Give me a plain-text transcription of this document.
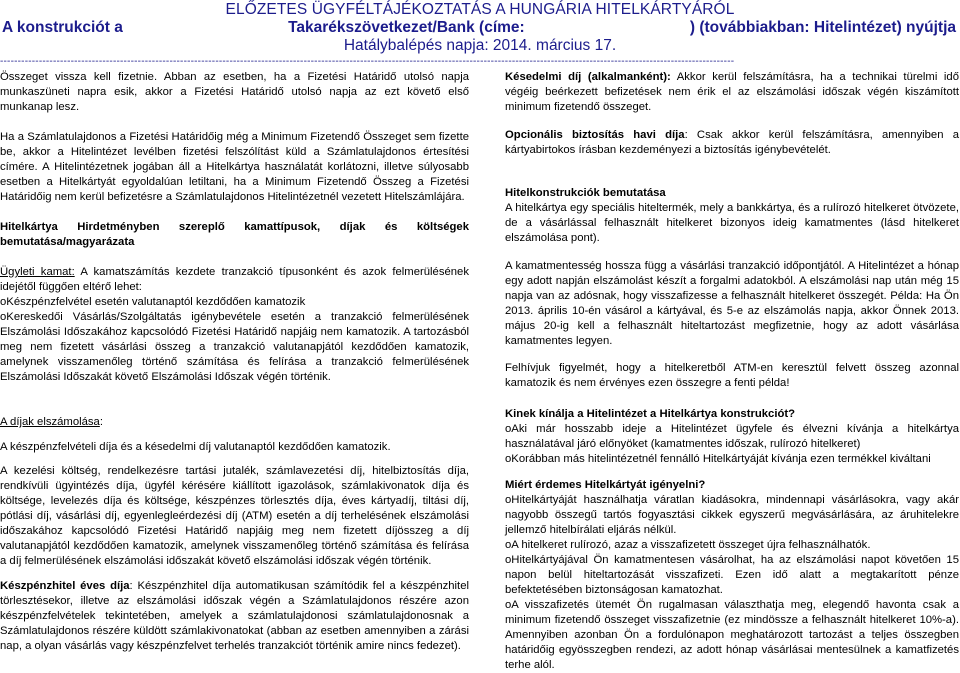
ELŐZETES ÜGYFÉLTÁJÉKOZTATÁS A HUNGÁRIA HITELKÁRTYÁRÓL
A konstrukciót a	Takarékszövetkezet/Bank (címe:	) (továbbiakban: Hitelintézet) nyújtja
Hatálybalépés napja: 2014. március 17.
----------------------------------------------------------------------------------------------------------------------------------------------------------------------------------------------------------------

Összeget vissza kell fizetnie. Abban az esetben, ha a Fizetési Határidő utolsó napja munkaszüneti napra esik, akkor a Fizetési Határidő utolsó napja az ezt követő első munkanap lesz.

Ha a Számlatulajdonos a Fizetési Határidőig még a Minimum Fizetendő Összeget sem fizette be, akkor a Hitelintézet levélben fizetési felszólítást küld a Számlatulajdonos értesítési címére. A Hitelintézetnek jogában áll a Hitelkártya használatát korlátozni, illetve súlyosabb esetben a Hitelkártyát egyoldalúan letiltani, ha a Minimum Fizetendő Összeg a Fizetési Határidőig nem kerül befizetésre a Számlatulajdonos Hitelintézetnél vezetett Hitelszámlájára.

Hitelkártya Hirdetményben szereplő kamattípusok, díjak és költségek bemutatása/magyarázata

Ügyleti kamat: A kamatszámítás kezdete tranzakció típusonként és azok felmerülésének idejétől függően eltérő lehet:

oKészpénzfelvétel esetén valutanaptól kezdődően kamatozik

oKereskedői Vásárlás/Szolgáltatás igénybevétele esetén a tranzakció felmerülésének Elszámolási Időszakához kapcsolódó Fizetési Határidő napjáig nem kamatozik. A tartozásból meg nem fizetett vásárlási összeg a tranzakció valutanapjától kezdődően kamatozik, amelynek visszamenőleg történő számítása és felírása a tranzakció felmerülésének Elszámolási Időszakát követő Elszámolási Időszak végén történik.

A díjak elszámolása:

A készpénzfelvételi díja és a késedelmi díj valutanaptól kezdődően kamatozik.

A kezelési költség, rendelkezésre tartási jutalék, számlavezetési díj, hitelbiztosítás díja, rendkívüli ügyintézés díja, ügyfél kérésére kiállított igazolások, számlakivonatok díja és költsége, levelezés díja és költsége, készpénzes törlesztés díja, éves kártyadíj, tiltási díj, pótlási díj, vásárlási díj, egyenlegleérdezési díj (ATM) esetén a díj terhelésének elszámolási időszakához kapcsolódó Fizetési Határidő napjáig meg nem fizetett díjösszeg a díj valutanapjától kezdődően kamatozik, amelynek visszamenőleg történő számítása és felírása a díj felmerülésének elszámolási időszakát követő elszámolási időszak végén történik.

Készpénzhitel éves díja: Készpénzhitel díja automatikusan számítódik fel a készpénzhitel törlesztésekor, illetve az elszámolási időszak végén a Számlatulajdonos részére azon készpénzfelvételek tekintetében, amelyek a számlatulajdonosi számlatulajdonosnak a Számlatulajdonos részére küldött számlakivonatokat (abban az esetben amennyiben a zárási nap, a olyan vásárlás vagy készpénzfelvet terhelés tranzakciót történik amire nincs fedezet).

Késedelmi díj (alkalmanként): Akkor kerül felszámításra, ha a technikai türelmi idő végéig beérkezett befizetések nem érik el az elszámolási időszak végén kiszámított minimum fizetendő összeget.

Opcionális biztosítás havi díja: Csak akkor kerül felszámításra, amennyiben a kártyabirtokos írásban kezdeményezi a biztosítás igénybevételét.

Hitelkonstrukciók bemutatása

A hitelkártya egy speciális hiteltermék, mely a bankkártya, és a rulírozó hitelkeret ötvözete, de a vásárlással felhasznált hitelkeret bizonyos ideig kamatmentes (lásd hitelkeret elszámolása pont).

A kamatmentesség hossza függ a vásárlási tranzakció időpontjától. A Hitelintézet a hónap egy adott napján elszámolást készít a forgalmi adatokból. A elszámolási nap után még 15 napja van az adósnak, hogy visszafizesse a felhasznált hitelkeret összegét. Példa: Ha Ön 2013. április 10-én vásárol a kártyával, és 5-e az elszámolás napja, akkor Önnek 2013. május 20-ig kell a felhasznált hiteltartozást megfizetnie, hogy az adott vásárlása kamatmentes legyen.

Felhívjuk figyelmét, hogy a hitelkeretből ATM-en keresztül felvett összeg azonnal kamatozik és nem érvényes ezen összegre a fenti példa!

Kinek kínálja a Hitelintézet a Hitelkártya konstrukciót?

oAki már hosszabb ideje a Hitelintézet ügyfele és élvezni kívánja a hitelkártya használatával járó előnyöket (kamatmentes időszak, rulírozó hitelkeret)

oKorábban más hitelintézetnél fennálló Hitelkártyáját kívánja ezen termékkel kiváltani

Miért érdemes Hitelkártyát igényelni?

oHitelkártyáját használhatja váratlan kiadásokra, mindennapi vásárlásokra, vagy akár nagyobb összegű tartós fogyasztási cikkek egyszerű megvásárlására, az áruhitelekre jellemző hitelbírálati eljárás nélkül.

oA hitelkeret rulírozó, azaz a visszafizetett összeget újra felhasználhatók.

oHitelkártyájával Ön kamatmentesen vásárolhat, ha az elszámolási napot követően 15 napon belül hiteltartozását visszafizeti. Ezen idő alatt a megtakarított pénze befektetésében biztonságosan kamatozhat.

oA visszafizetés ütemét Ön rugalmasan választhatja meg, elegendő havonta csak a minimum fizetendő összeget visszafizetnie (ez mindössze a felhasznált hitelkeret 10%-a). Amennyiben azonban Ön a fordulónapon meghatározott tartozást a teljes összegben határidőig egyösszegben rendezi, az adott hónap vásárlásai mentesülnek a kamatfizetés terhe alól.
